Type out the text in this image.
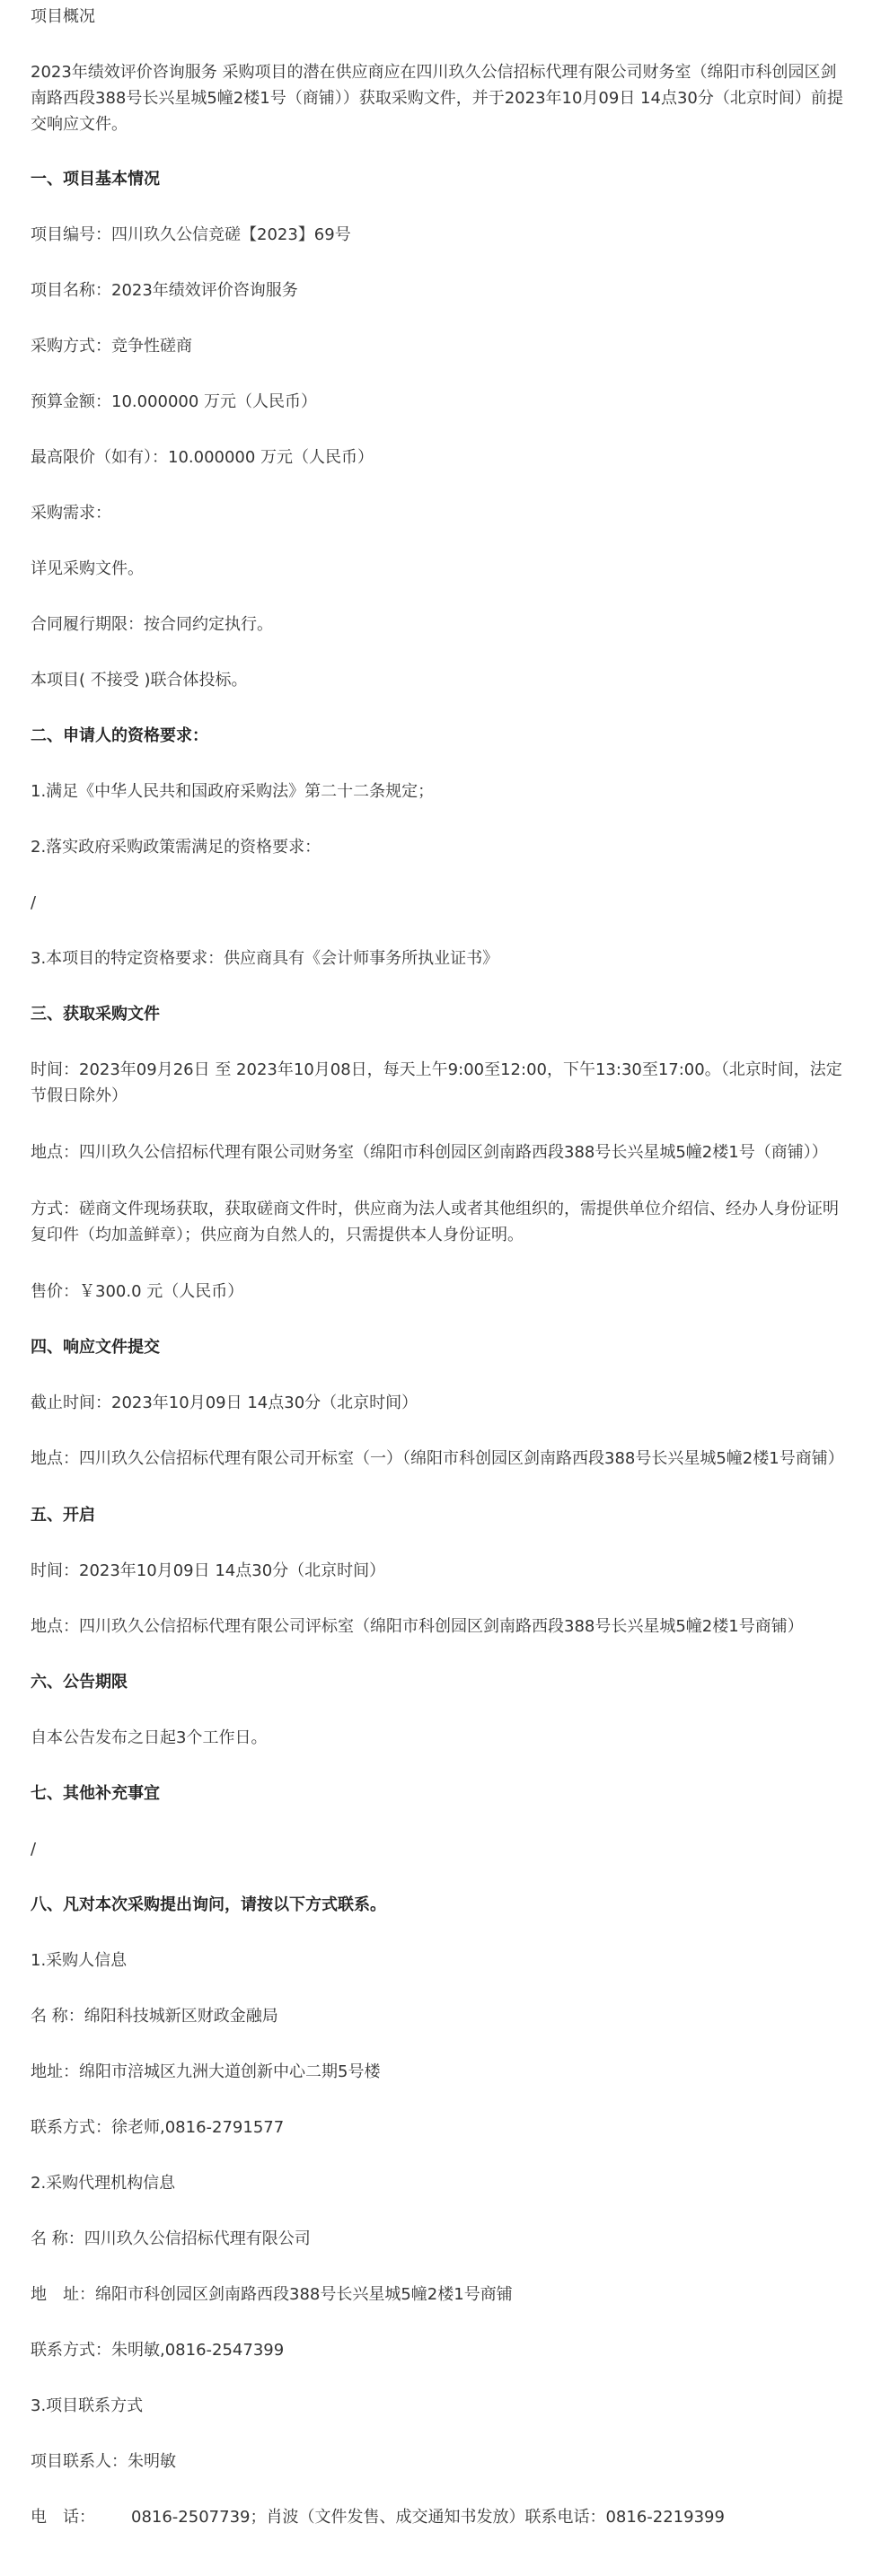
项目概况

2023年绩效评价咨询服务 采购项目的潜在供应商应在四川玖久公信招标代理有限公司财务室（绵阳市科创园区剑南路西段388号长兴星城5幢2楼1号（商铺））获取采购文件，并于2023年10月09日 14点30分（北京时间）前提交响应文件。

一、项目基本情况

项目编号：四川玖久公信竞磋【2023】69号

项目名称：2023年绩效评价咨询服务

采购方式：竞争性磋商

预算金额：10.000000 万元（人民币）

最高限价（如有）：10.000000 万元（人民币）

采购需求：

详见采购文件。

合同履行期限：按合同约定执行。

本项目( 不接受 )联合体投标。

二、申请人的资格要求：

1.满足《中华人民共和国政府采购法》第二十二条规定；

2.落实政府采购政策需满足的资格要求：

/

3.本项目的特定资格要求：供应商具有《会计师事务所执业证书》

三、获取采购文件

时间：2023年09月26日 至 2023年10月08日，每天上午9:00至12:00，下午13:30至17:00。（北京时间，法定节假日除外）

地点：四川玖久公信招标代理有限公司财务室（绵阳市科创园区剑南路西段388号长兴星城5幢2楼1号（商铺））

方式：磋商文件现场获取，获取磋商文件时，供应商为法人或者其他组织的，需提供单位介绍信、经办人身份证明复印件（均加盖鲜章）；供应商为自然人的，只需提供本人身份证明。

售价：￥300.0 元（人民币）

四、响应文件提交

截止时间：2023年10月09日 14点30分（北京时间）

地点：四川玖久公信招标代理有限公司开标室（一）（绵阳市科创园区剑南路西段388号长兴星城5幢2楼1号商铺）

五、开启

时间：2023年10月09日 14点30分（北京时间）

地点：四川玖久公信招标代理有限公司评标室（绵阳市科创园区剑南路西段388号长兴星城5幢2楼1号商铺）

六、公告期限

自本公告发布之日起3个工作日。

七、其他补充事宜

/

八、凡对本次采购提出询问，请按以下方式联系。

1.采购人信息

名 称：绵阳科技城新区财政金融局

地址：绵阳市涪城区九洲大道创新中心二期5号楼

联系方式：徐老师,0816-2791577

2.采购代理机构信息

名 称：四川玖久公信招标代理有限公司

地　址：绵阳市科创园区剑南路西段388号长兴星城5幢2楼1号商铺

联系方式：朱明敏,0816-2547399

3.项目联系方式

项目联系人：朱明敏

电　话： 0816-2507739；肖波（文件发售、成交通知书发放）联系电话：0816-2219399
